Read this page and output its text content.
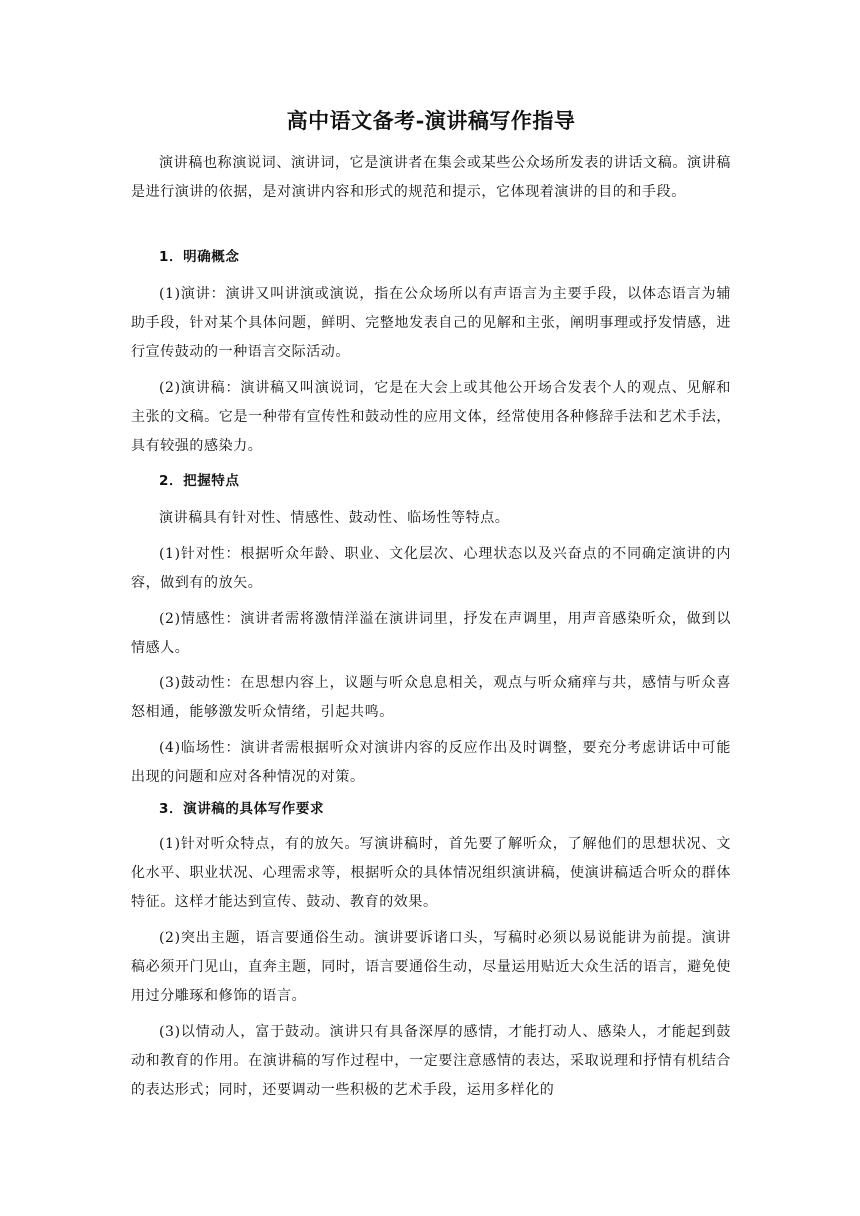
高中语文备考-演讲稿写作指导

演讲稿也称演说词、演讲词，它是演讲者在集会或某些公众场所发表的讲话文稿。演讲稿是进行演讲的依据，是对演讲内容和形式的规范和提示，它体现着演讲的目的和手段。

1．明确概念

(1)演讲：演讲又叫讲演或演说，指在公众场所以有声语言为主要手段，以体态语言为辅助手段，针对某个具体问题，鲜明、完整地发表自己的见解和主张，阐明事理或抒发情感，进行宣传鼓动的一种语言交际活动。

(2)演讲稿：演讲稿又叫演说词，它是在大会上或其他公开场合发表个人的观点、见解和主张的文稿。它是一种带有宣传性和鼓动性的应用文体，经常使用各种修辞手法和艺术手法，具有较强的感染力。

2．把握特点

演讲稿具有针对性、情感性、鼓动性、临场性等特点。

(1)针对性：根据听众年龄、职业、文化层次、心理状态以及兴奋点的不同确定演讲的内容，做到有的放矢。

(2)情感性：演讲者需将激情洋溢在演讲词里，抒发在声调里，用声音感染听众，做到以情感人。

(3)鼓动性：在思想内容上，议题与听众息息相关，观点与听众痛痒与共，感情与听众喜怒相通，能够激发听众情绪，引起共鸣。

(4)临场性：演讲者需根据听众对演讲内容的反应作出及时调整，要充分考虑讲话中可能出现的问题和应对各种情况的对策。

3．演讲稿的具体写作要求

(1)针对听众特点，有的放矢。写演讲稿时，首先要了解听众，了解他们的思想状况、文化水平、职业状况、心理需求等，根据听众的具体情况组织演讲稿，使演讲稿适合听众的群体特征。这样才能达到宣传、鼓动、教育的效果。

(2)突出主题，语言要通俗生动。演讲要诉诸口头，写稿时必须以易说能讲为前提。演讲稿必须开门见山，直奔主题，同时，语言要通俗生动，尽量运用贴近大众生活的语言，避免使用过分雕琢和修饰的语言。

(3)以情动人，富于鼓动。演讲只有具备深厚的感情，才能打动人、感染人，才能起到鼓动和教育的作用。在演讲稿的写作过程中，一定要注意感情的表达，采取说理和抒情有机结合的表达形式；同时，还要调动一些积极的艺术手段，运用多样化的
